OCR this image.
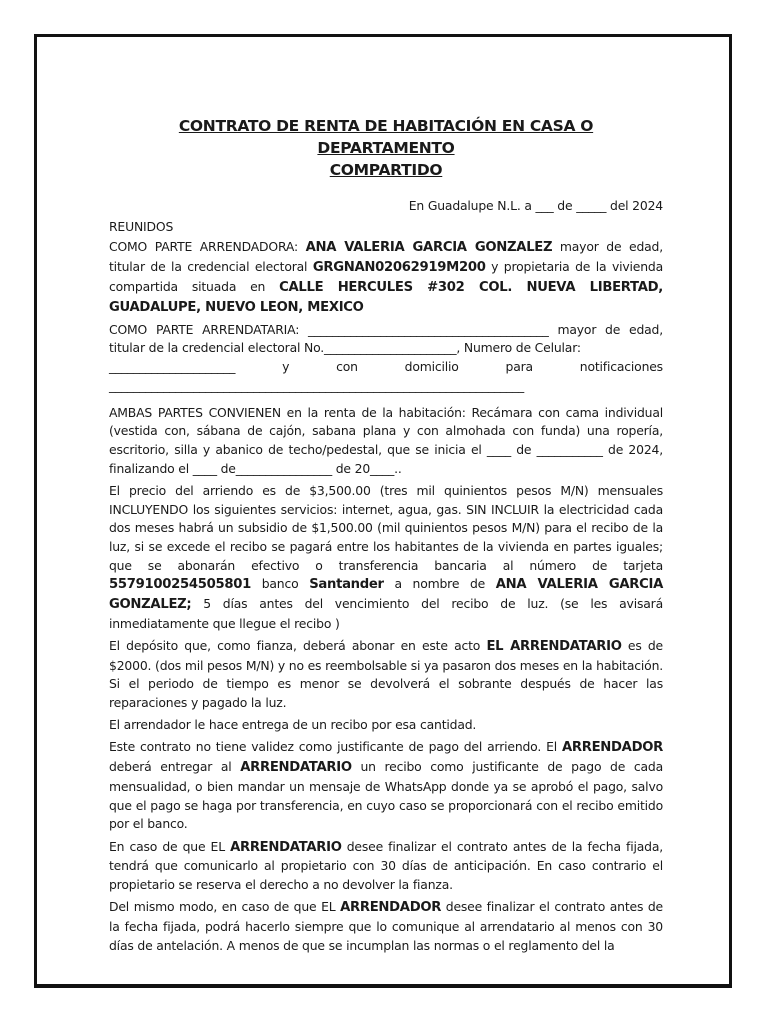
CONTRATO DE RENTA DE HABITACIÓN EN CASA O DEPARTAMENTO
COMPARTIDO
En Guadalupe N.L. a ___ de _____ del 2024
REUNIDOS
COMO PARTE ARRENDADORA: ANA VALERIA GARCIA GONZALEZ mayor de edad, titular de la credencial electoral GRGNAN02062919M200 y propietaria de la vivienda compartida situada en CALLE HERCULES #302 COL. NUEVA LIBERTAD, GUADALUPE, NUEVO LEON, MEXICO
COMO PARTE ARRENDATARIA: ________________________________________ mayor de edad, titular de la credencial electoral No.______________________, Numero de Celular:
_____________________	y	con	domicilio	para	notificaciones
_____________________________________________________________________
AMBAS PARTES CONVIENEN en la renta de la habitación: Recámara con cama individual (vestida con, sábana de cajón, sabana plana y con almohada con funda) una ropería, escritorio, silla y abanico de techo/pedestal, que se inicia el ____ de ___________ de 2024, finalizando el ____ de________________ de 20____..
El precio del arriendo es de $3,500.00 (tres mil quinientos pesos M/N) mensuales INCLUYENDO los siguientes servicios: internet, agua, gas. SIN INCLUIR la electricidad cada dos meses habrá un subsidio de $1,500.00 (mil quinientos pesos M/N) para el recibo de la luz, si se excede el recibo se pagará entre los habitantes de la vivienda en partes iguales; que se abonarán efectivo o transferencia bancaria al número de tarjeta 5579100254505801 banco Santander a nombre de ANA VALERIA GARCIA GONZALEZ; 5 días antes del vencimiento del recibo de luz. (se les avisará inmediatamente que llegue el recibo )
El depósito que, como fianza, deberá abonar en este acto EL ARRENDATARIO es de $2000. (dos mil pesos M/N) y no es reembolsable si ya pasaron dos meses en la habitación. Si el periodo de tiempo es menor se devolverá el sobrante después de hacer las reparaciones y pagado la luz.
El arrendador le hace entrega de un recibo por esa cantidad.
Este contrato no tiene validez como justificante de pago del arriendo. El ARRENDADOR deberá entregar al ARRENDATARIO un recibo como justificante de pago de cada mensualidad, o bien mandar un mensaje de WhatsApp donde ya se aprobó el pago, salvo que el pago se haga por transferencia, en cuyo caso se proporcionará con el recibo emitido por el banco.
En caso de que EL ARRENDATARIO desee finalizar el contrato antes de la fecha fijada, tendrá que comunicarlo al propietario con 30 días de anticipación. En caso contrario el propietario se reserva el derecho a no devolver la fianza.
Del mismo modo, en caso de que EL ARRENDADOR desee finalizar el contrato antes de la fecha fijada, podrá hacerlo siempre que lo comunique al arrendatario al menos con 30 días de antelación. A menos de que se incumplan las normas o el reglamento del la
